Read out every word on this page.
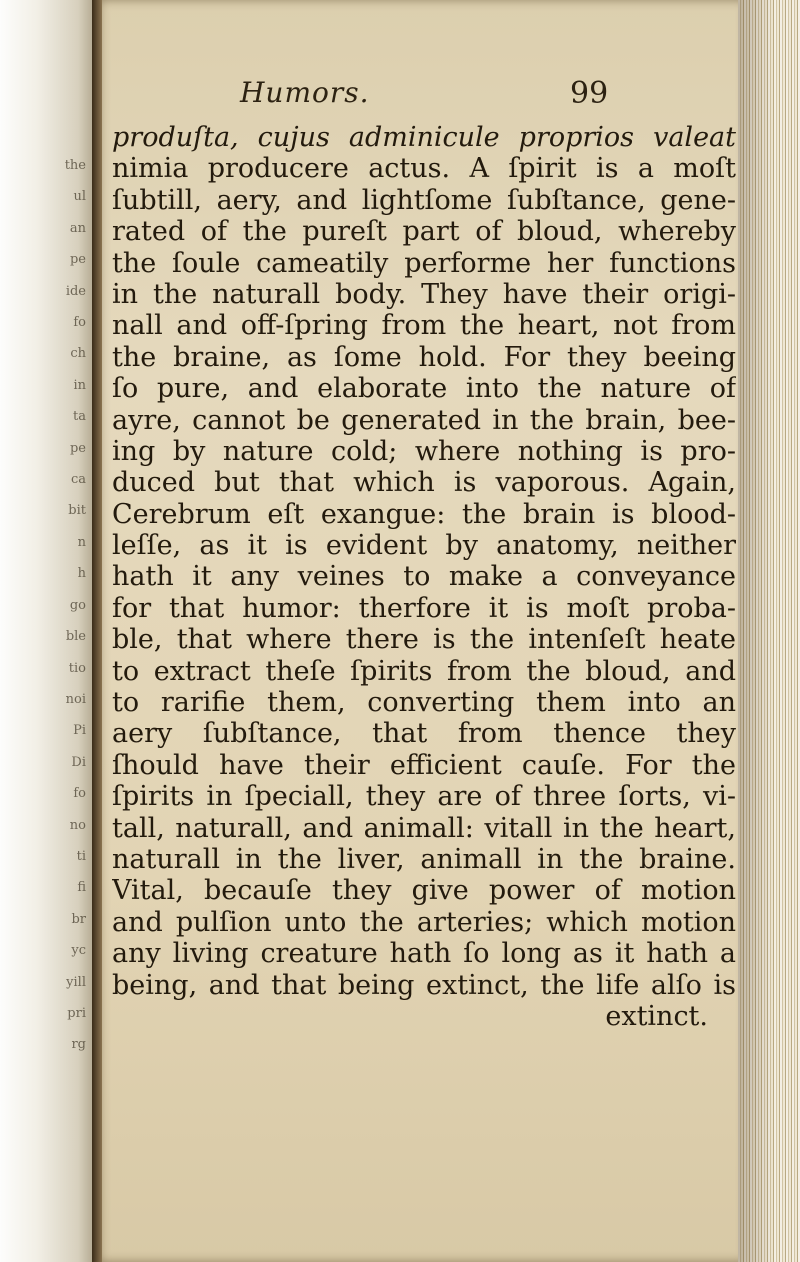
the
ul
an
pe
ide
fo
ch
in
ta
pe
ca
bit
n
h
go
ble
tio
noi
Pi
Di
fo
no
ti
fi
br
yc
yill
pri
rg
Humors.	99
produſta, cujus adminicule proprios valeat
nimia producere actus. A ſpirit is a moſt
ſubtill, aery, and lightſome ſubſtance, gene-
rated of the pureſt part of bloud, whereby
the ſoule cameatily performe her functions
in the naturall body. They have their origi-
nall and off-ſpring from the heart, not from
the braine, as ſome hold. For they beeing
ſo pure, and elaborate into the nature of
ayre, cannot be generated in the brain, bee-
ing by nature cold; where nothing is pro-
duced but that which is vaporous. Again,
Cerebrum eſt exangue: the brain is blood-
leſſe, as it is evident by anatomy, neither
hath it any veines to make a conveyance
for that humor: therfore it is moſt proba-
ble, that where there is the intenſeſt heate
to extract theſe ſpirits from the bloud, and
to rarifie them, converting them into an
aery ſubſtance, that from thence they
ſhould have their efficient cauſe. For the
ſpirits in ſpeciall, they are of three ſorts, vi-
tall, naturall, and animall: vitall in the heart,
naturall in the liver, animall in the braine.
Vital, becauſe they give power of motion
and pulſion unto the arteries; which motion
any living creature hath ſo long as it hath a
being, and that being extinct, the life alſo is
extinct.
